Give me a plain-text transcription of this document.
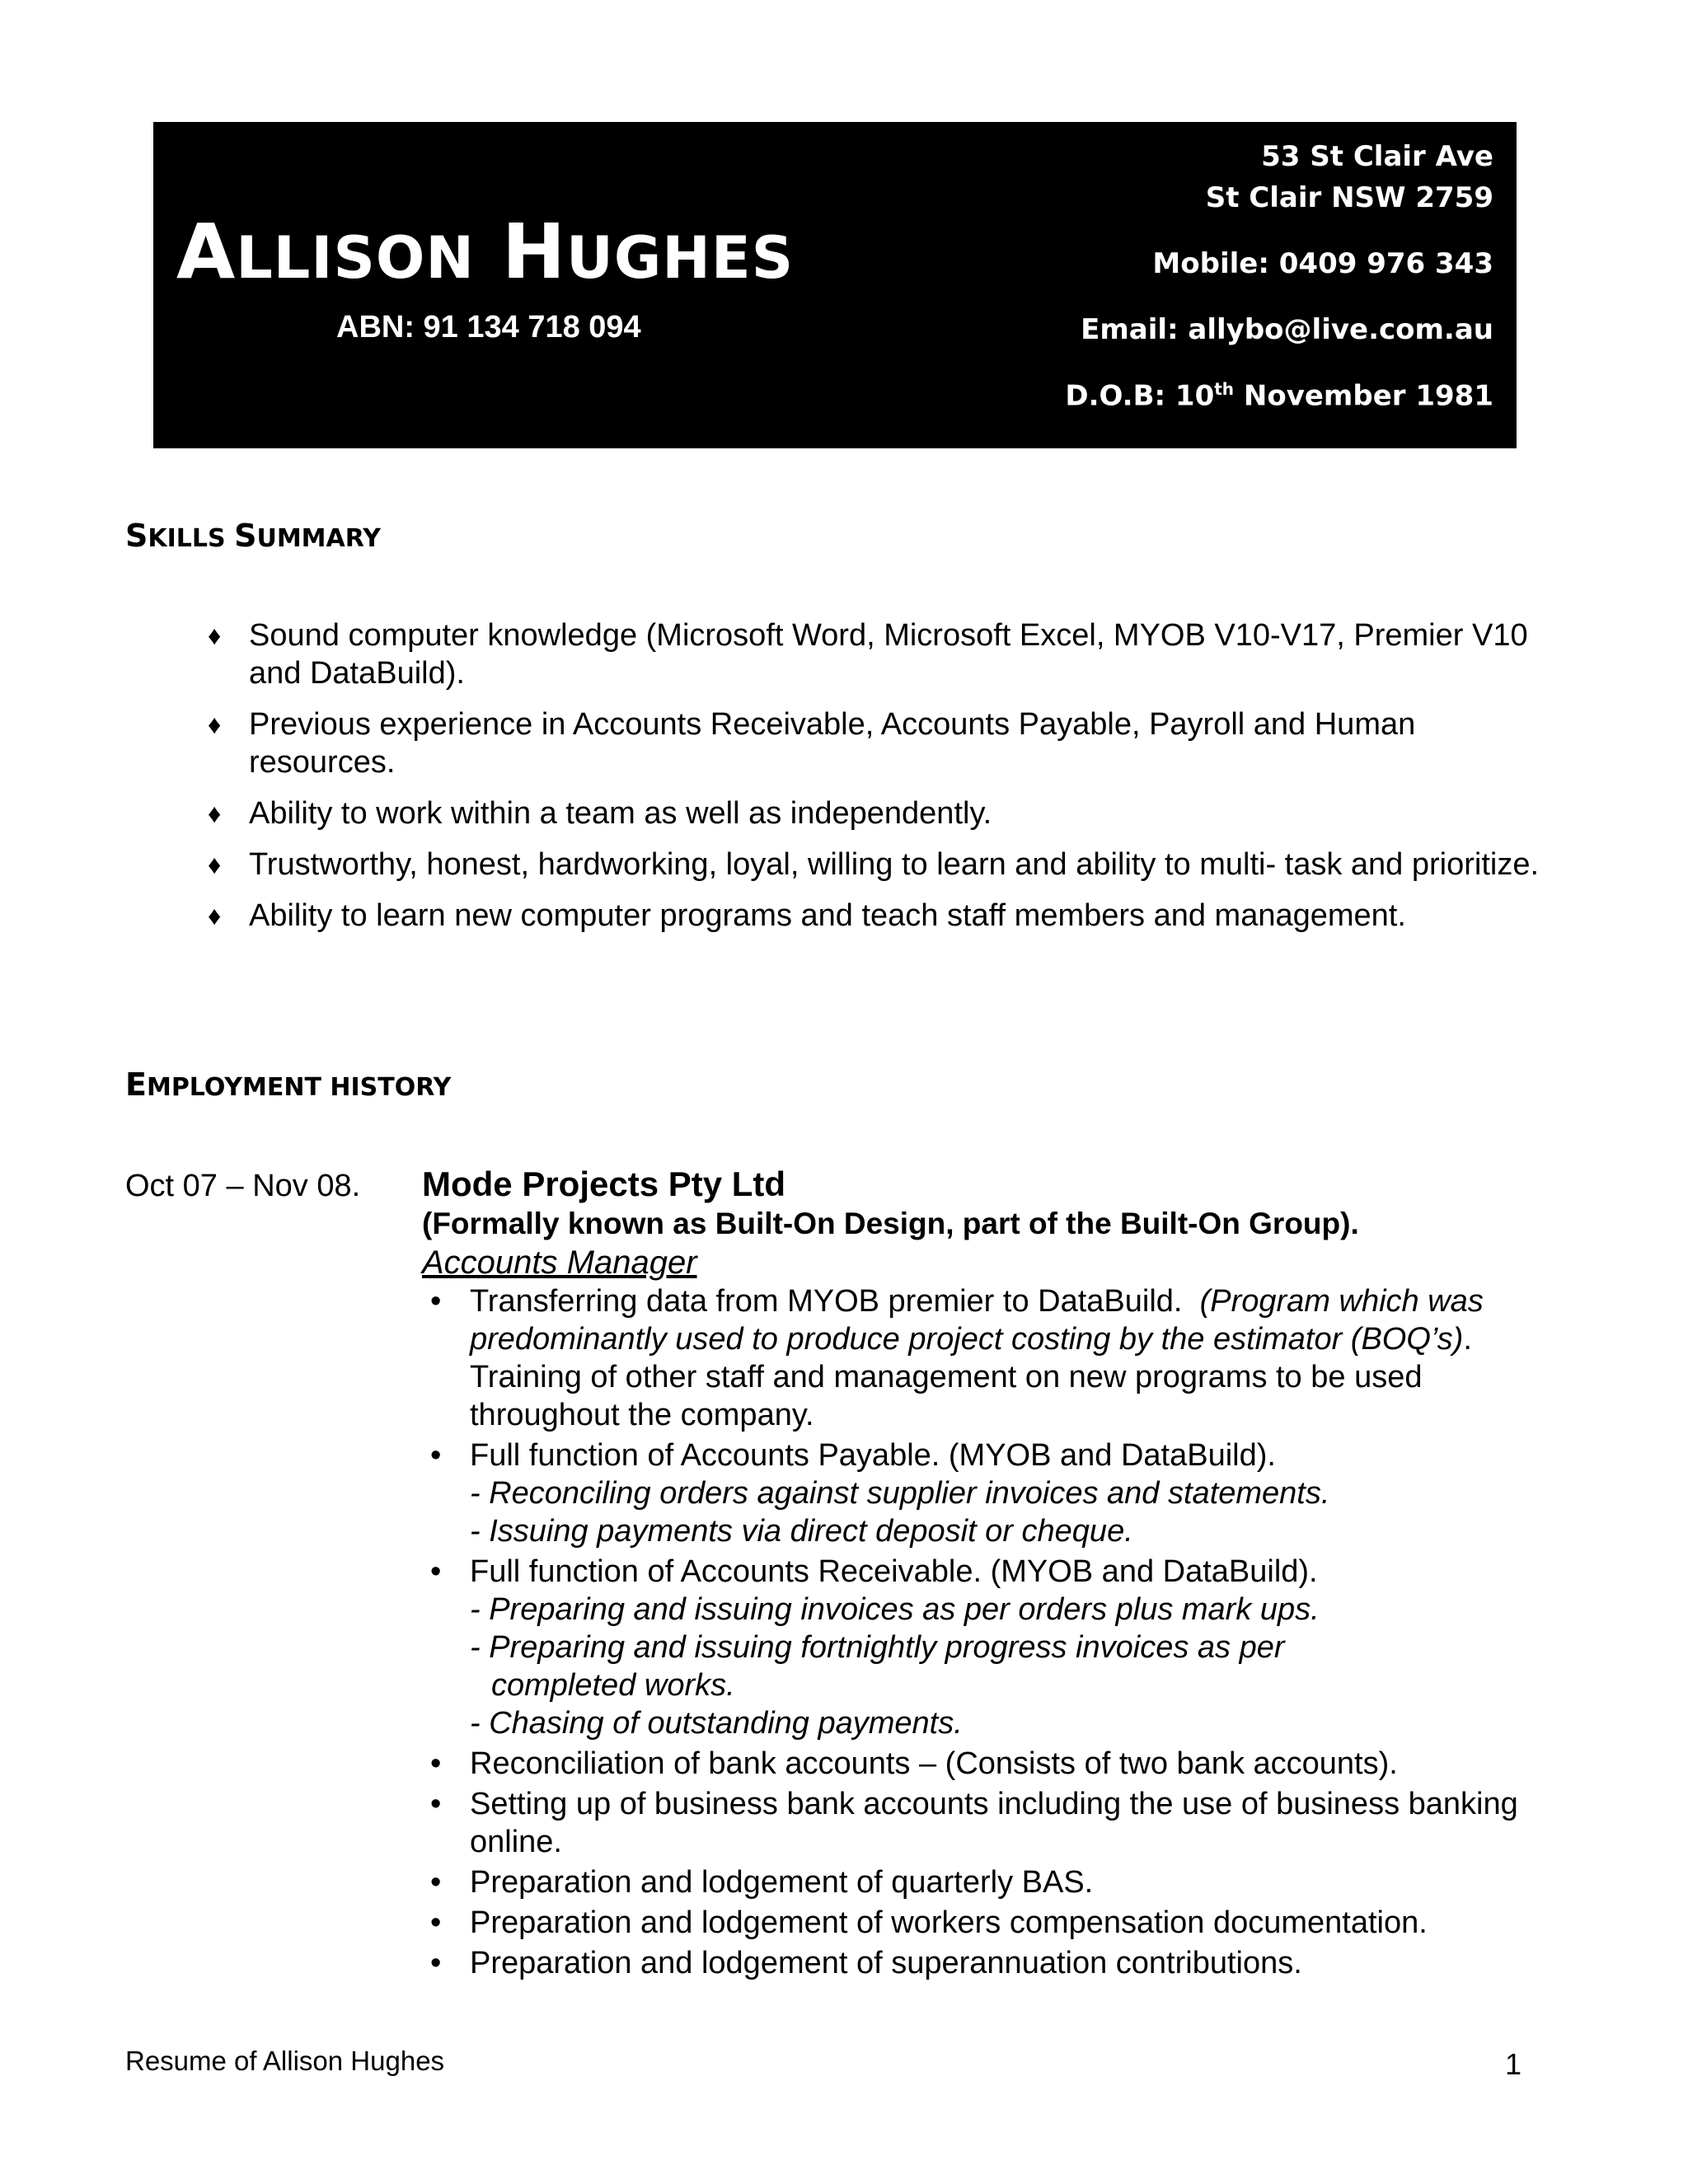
ALLISON HUGHES
ABN: 91 134 718 094
53 St Clair Ave
St Clair NSW 2759
Mobile: 0409 976 343
Email: allybo@live.com.au
D.O.B: 10th November 1981
SKILLS SUMMARY
♦ Sound computer knowledge (Microsoft Word, Microsoft Excel, MYOB V10-V17, Premier V10 and DataBuild).
♦ Previous experience in Accounts Receivable, Accounts Payable, Payroll and Human resources.
♦ Ability to work within a team as well as independently.
♦ Trustworthy, honest, hardworking, loyal, willing to learn and ability to multi- task and prioritize.
♦ Ability to learn new computer programs and teach staff members and management.
EMPLOYMENT HISTORY
Oct 07 – Nov 08. Mode Projects Pty Ltd
(Formally known as Built-On Design, part of the Built-On Group).
Accounts Manager
• Transferring data from MYOB premier to DataBuild. (Program which was predominantly used to produce project costing by the estimator (BOQ’s). Training of other staff and management on new programs to be used throughout the company.
• Full function of Accounts Payable. (MYOB and DataBuild).
- Reconciling orders against supplier invoices and statements.
- Issuing payments via direct deposit or cheque.
• Full function of Accounts Receivable. (MYOB and DataBuild).
- Preparing and issuing invoices as per orders plus mark ups.
- Preparing and issuing fortnightly progress invoices as per
completed works.
- Chasing of outstanding payments.
• Reconciliation of bank accounts – (Consists of two bank accounts).
• Setting up of business bank accounts including the use of business banking online.
• Preparation and lodgement of quarterly BAS.
• Preparation and lodgement of workers compensation documentation.
• Preparation and lodgement of superannuation contributions.
Resume of Allison Hughes	1
